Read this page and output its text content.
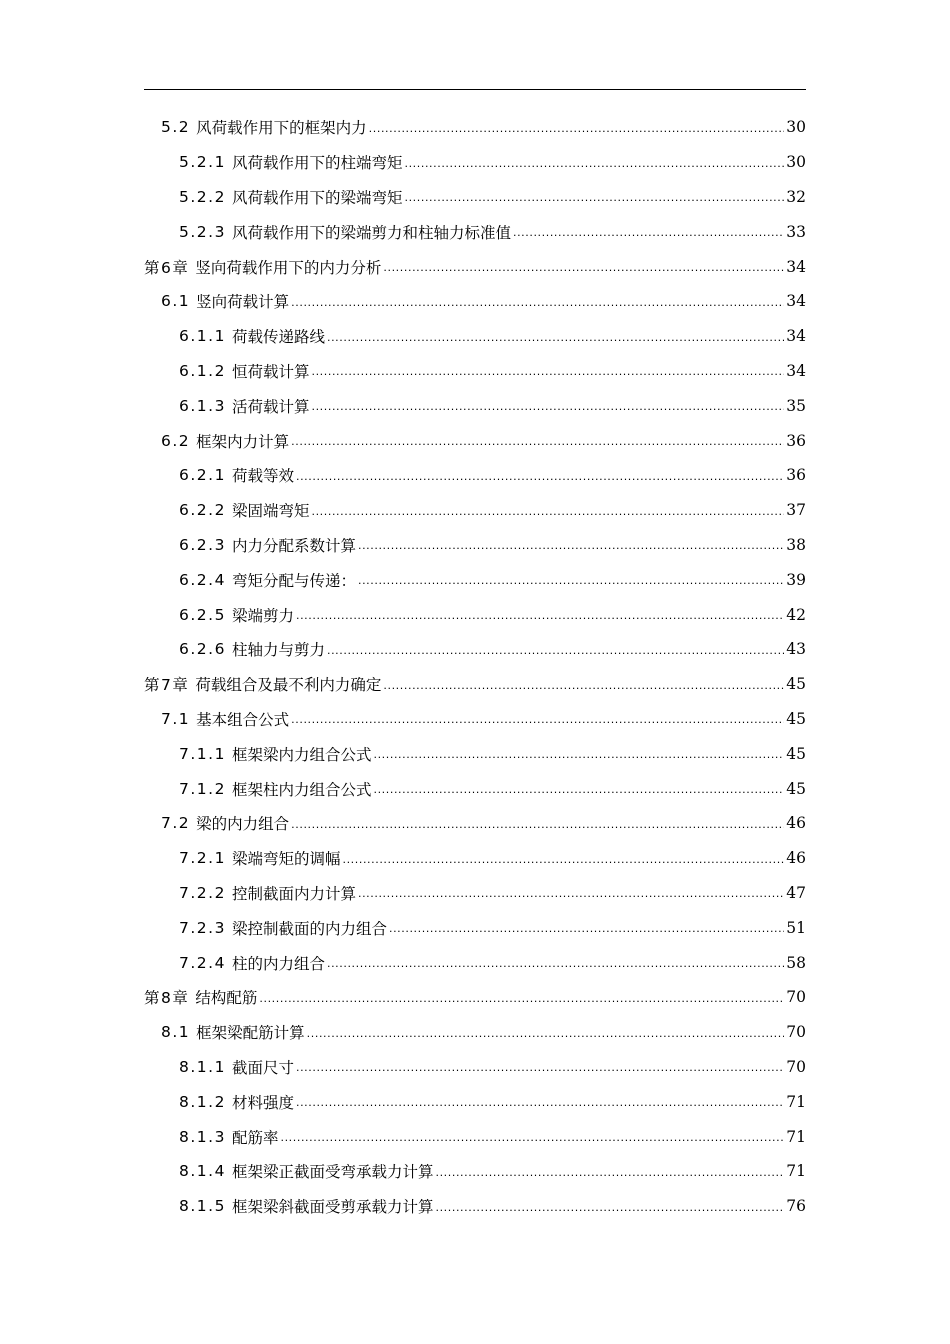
5.2 风荷载作用下的框架内力 .....	30
5.2.1 风荷载作用下的柱端弯矩 .....	30
5.2.2 风荷载作用下的梁端弯矩 .....	32
5.2.3 风荷载作用下的梁端剪力和柱轴力标准值 .....	33
第6章 竖向荷载作用下的内力分析 .....	34
6.1 竖向荷载计算 .....	34
6.1.1 荷载传递路线 .....	34
6.1.2 恒荷载计算 .....	34
6.1.3 活荷载计算 .....	35
6.2 框架内力计算 .....	36
6.2.1 荷载等效 .....	36
6.2.2 梁固端弯矩 .....	37
6.2.3 内力分配系数计算 .....	38
6.2.4 弯矩分配与传递： .....	39
6.2.5 梁端剪力 .....	42
6.2.6 柱轴力与剪力 .....	43
第7章 荷载组合及最不利内力确定 .....	45
7.1 基本组合公式 .....	45
7.1.1 框架梁内力组合公式 .....	45
7.1.2 框架柱内力组合公式 .....	45
7.2 梁的内力组合 .....	46
7.2.1 梁端弯矩的调幅 .....	46
7.2.2 控制截面内力计算 .....	47
7.2.3 梁控制截面的内力组合 .....	51
7.2.4 柱的内力组合 .....	58
第8章 结构配筋 .....	70
8.1 框架梁配筋计算 .....	70
8.1.1 截面尺寸 .....	70
8.1.2 材料强度 .....	71
8.1.3 配筋率 .....	71
8.1.4 框架梁正截面受弯承载力计算 .....	71
8.1.5 框架梁斜截面受剪承载力计算 .....	76
